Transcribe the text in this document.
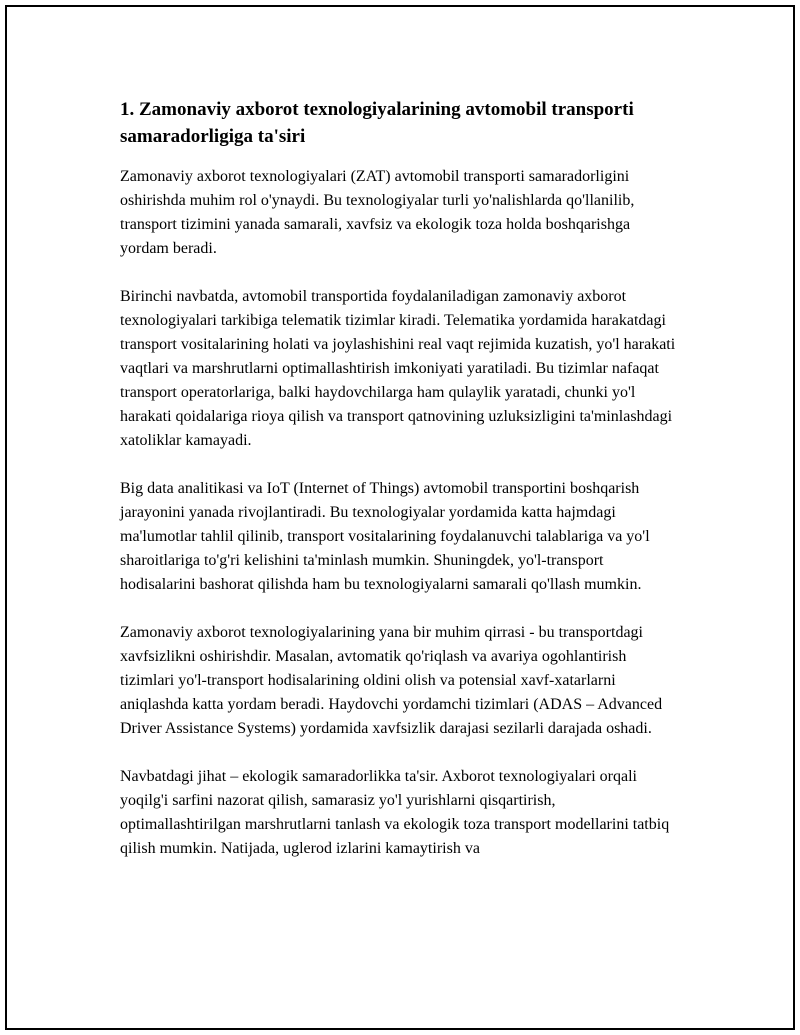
1. Zamonaviy axborot texnologiyalarining avtomobil transporti samaradorligiga ta'siri

Zamonaviy axborot texnologiyalari (ZAT) avtomobil transporti samaradorligini oshirishda muhim rol o'ynaydi. Bu texnologiyalar turli yo'nalishlarda qo'llanilib, transport tizimini yanada samarali, xavfsiz va ekologik toza holda boshqarishga yordam beradi.

Birinchi navbatda, avtomobil transportida foydalaniladigan zamonaviy axborot texnologiyalari tarkibiga telematik tizimlar kiradi. Telematika yordamida harakatdagi transport vositalarining holati va joylashishini real vaqt rejimida kuzatish, yo'l harakati vaqtlari va marshrutlarni optimallashtirish imkoniyati yaratiladi. Bu tizimlar nafaqat transport operatorlariga, balki haydovchilarga ham qulaylik yaratadi, chunki yo'l harakati qoidalariga rioya qilish va transport qatnovining uzluksizligini ta'minlashdagi xatoliklar kamayadi.

Big data analitikasi va IoT (Internet of Things) avtomobil transportini boshqarish jarayonini yanada rivojlantiradi. Bu texnologiyalar yordamida katta hajmdagi ma'lumotlar tahlil qilinib, transport vositalarining foydalanuvchi talablariga va yo'l sharoitlariga to'g'ri kelishini ta'minlash mumkin. Shuningdek, yo'l-transport hodisalarini bashorat qilishda ham bu texnologiyalarni samarali qo'llash mumkin.

Zamonaviy axborot texnologiyalarining yana bir muhim qirrasi - bu transportdagi xavfsizlikni oshirishdir. Masalan, avtomatik qo'riqlash va avariya ogohlantirish tizimlari yo'l-transport hodisalarining oldini olish va potensial xavf-xatarlarni aniqlashda katta yordam beradi. Haydovchi yordamchi tizimlari (ADAS – Advanced Driver Assistance Systems) yordamida xavfsizlik darajasi sezilarli darajada oshadi.

Navbatdagi jihat – ekologik samaradorlikka ta'sir. Axborot texnologiyalari orqali yoqilg'i sarfini nazorat qilish, samarasiz yo'l yurishlarni qisqartirish, optimallashtirilgan marshrutlarni tanlash va ekologik toza transport modellarini tatbiq qilish mumkin. Natijada, uglerod izlarini kamaytirish va
